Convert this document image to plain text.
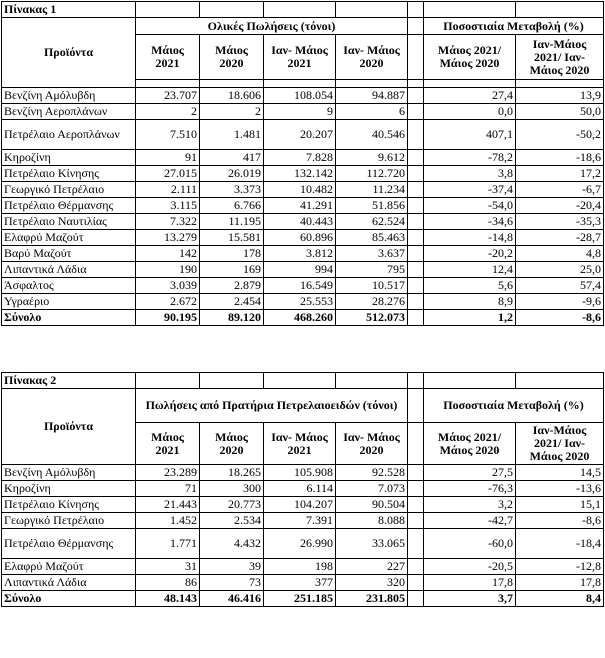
Πίνακας 1							
Προϊόντα	Ολικές Πωλήσεις (τόνοι)					Ποσοστιαία Μεταβολή (%)	
	Μάιος 2021	Μάιος 2020	Ιαν- Μάιος 2021	Ιαν- Μάιος 2020		Μάιος 2021/ Μάιος 2020	Ιαν-Μάιος 2021/ Ιαν- Μάιος 2020

Βενζίνη Αμόλυβδη	23.707	18.606	108.054	94.887		27,4	13,9
Βενζίνη Αεροπλάνων	2	2	9	6		0,0	50,0
Πετρέλαιο Αεροπλάνων	7.510	1.481	20.207	40.546		407,1	-50,2
Κηροζίνη	91	417	7.828	9.612		-78,2	-18,6
Πετρέλαιο Κίνησης	27.015	26.019	132.142	112.720		3,8	17,2
Γεωργικό Πετρέλαιο	2.111	3.373	10.482	11.234		-37,4	-6,7
Πετρέλαιο Θέρμανσης	3.115	6.766	41.291	51.856		-54,0	-20,4
Πετρέλαιο Ναυτιλίας	7.322	11.195	40.443	62.524		-34,6	-35,3
Ελαφρύ Μαζούτ	13.279	15.581	60.896	85.463		-14,8	-28,7
Βαρύ Μαζούτ	142	178	3.812	3.637		-20,2	4,8
Λιπαντικά Λάδια	190	169	994	795		12,4	25,0
Άσφαλτος	3.039	2.879	16.549	10.517		5,6	57,4
Υγραέριο	2.672	2.454	25.553	28.276		8,9	-9,6
Σύνολο	90.195	89.120	468.260	512.073		1,2	-8,6
Πίνακας 2							
Προϊόντα	Πωλήσεις από Πρατήρια Πετρελαιοειδών (τόνοι)					Ποσοστιαία Μεταβολή (%)	
	Μάιος 2021	Μάιος 2020	Ιαν- Μάιος 2021	Ιαν- Μάιος 2020		Μάιος 2021/ Μάιος 2020	Ιαν-Μάιος 2021/ Ιαν- Μάιος 2020
Βενζίνη Αμόλυβδη	23.289	18.265	105.908	92.528		27,5	14,5
Κηροζίνη	71	300	6.114	7.073		-76,3	-13,6
Πετρέλαιο Κίνησης	21.443	20.773	104.207	90.504		3,2	15,1
Γεωργικό Πετρέλαιο	1.452	2.534	7.391	8.088		-42,7	-8,6
Πετρέλαιο Θέρμανσης	1.771	4.432	26.990	33.065		-60,0	-18,4
Ελαφρύ Μαζούτ	31	39	198	227		-20,5	-12,8
Λιπαντικά Λάδια	86	73	377	320		17,8	17,8
Σύνολο	48.143	46.416	251.185	231.805		3,7	8,4
